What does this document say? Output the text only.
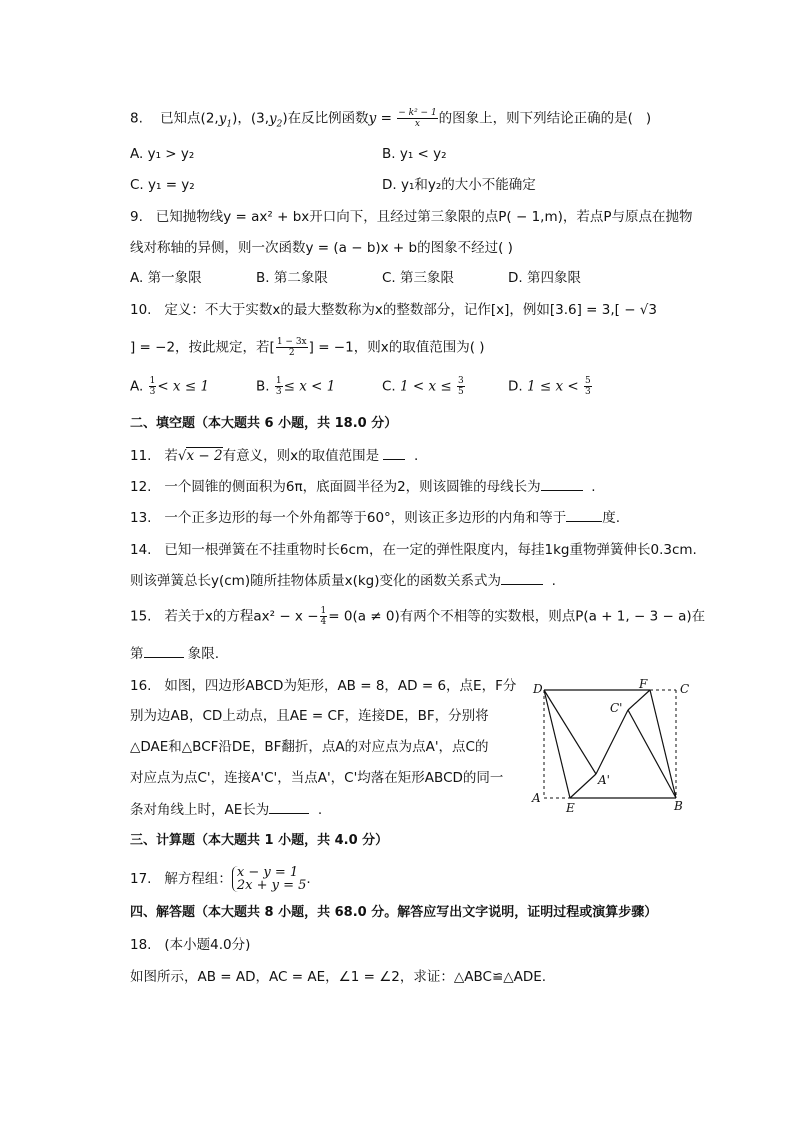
8. 已知点$(2,y_1)$，$(3,y_2)$在反比例函数$y = \frac{\text{− k² − 1}}{x}$ 的图象上，则下列结论正确的是( )
A. y₁ > y₂	B. y₁ < y₂
C. y₁ = y₂	D. y₁和y₂的大小不能确定
9. 已知抛物线y = ax² + bx开口向下，且经过第三象限的点P( − 1,m)，若点P与原点在抛物
线对称轴的异侧，则一次函数y = (a − b)x + b的图象不经过( )
A. 第一象限	B. 第二象限	C. 第三象限	D. 第四象限
10. 定义：不大于实数x的最大整数称为x的整数部分，记作[x]，例如[3.6] = 3,[ − √3
] = −2，按此规定，若[ $\frac{1 - 3x}{2}$ ] = −1，则x的取值范围为( )
A. $\frac{1}{3} < x \le 1$	B. $\frac{1}{3} \le x < 1$	C. $1 < x \le \frac{3}{5}$	D. $1 \le x < \frac{5}{3}$
二、填空题（本大题共 6 小题，共 18.0 分）
11. 若√x − 2有意义，则x的取值范围是	.
12. 一个圆锥的侧面积为6π，底面圆半径为2，则该圆锥的母线长为	.
13. 一个正多边形的每一个外角都等于60°，则该正多边形的内角和等于	度.
14. 已知一根弹簧在不挂重物时长6cm，在一定的弹性限度内，每挂1kg重物弹簧伸长0.3cm.
则该弹簧总长y(cm)随所挂物体质量x(kg)变化的函数关系式为	.
15. 若关于x的方程$ax^2 - x - \frac{1}{4} = 0(a \ne 0)$有两个不相等的实数根，则点P(a + 1, − 3 − a)在
第	象限.
16. 如图，四边形ABCD为矩形，AB = 8，AD = 6，点E，F分
别为边AB，CD上动点，且AE = CF，连接DE，BF，分别将
△DAE和△BCF沿DE，BF翻折，点A的对应点为点A'，点C的
对应点为点C'，连接A'C'，当点A'，C'均落在矩形ABCD的同一
条对角线上时，AE长为	.
D	F	C
C'
A'
A
E	B
三、计算题（本大题共 1 小题，共 4.0 分）
17. 解方程组： x − y = 1
2x + y = 5 .
四、解答题（本大题共 8 小题，共 68.0 分。解答应写出文字说明，证明过程或演算步骤）
18. (本小题4.0分)
如图所示，AB = AD，AC = AE，∠1 = ∠2，求证：△ABC≌△ADE.
